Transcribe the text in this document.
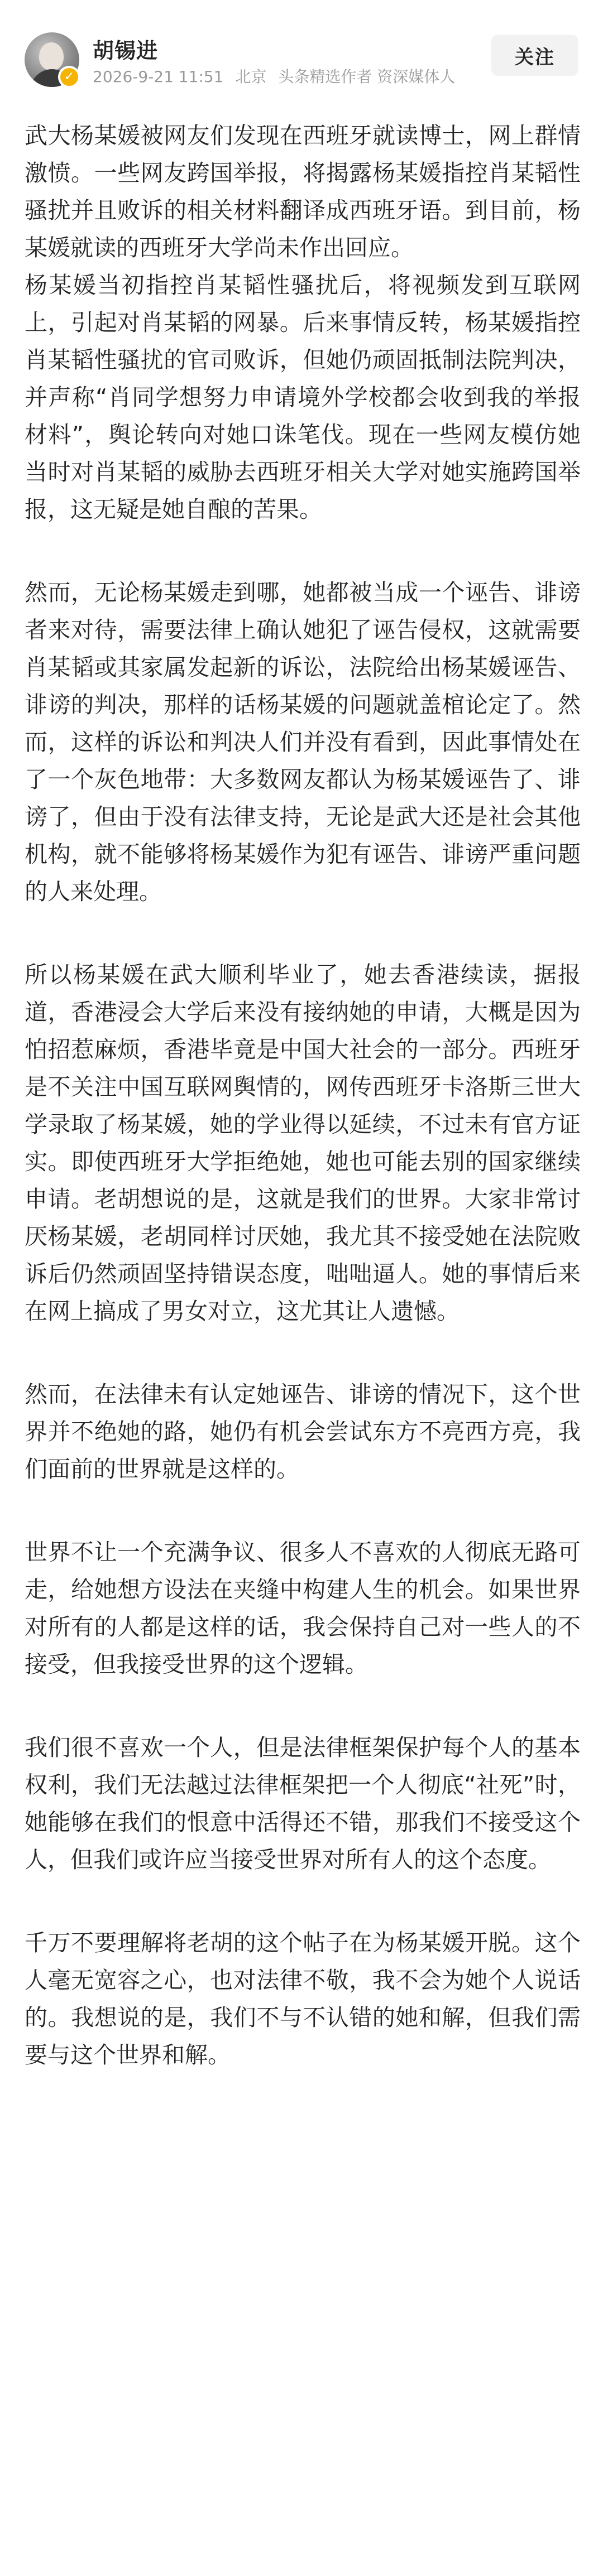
✓
胡锡进
2026-9-21 11:51 北京 头条精选作者 资深媒体人
关注

武大杨某媛被网友们发现在西班牙就读博士，网上群情激愤。一些网友跨国举报，将揭露杨某媛指控肖某韬性骚扰并且败诉的相关材料翻译成西班牙语。到目前，杨某媛就读的西班牙大学尚未作出回应。

杨某媛当初指控肖某韬性骚扰后，将视频发到互联网上，引起对肖某韬的网暴。后来事情反转，杨某媛指控肖某韬性骚扰的官司败诉，但她仍顽固抵制法院判决，并声称“肖同学想努力申请境外学校都会收到我的举报材料”，舆论转向对她口诛笔伐。现在一些网友模仿她当时对肖某韬的威胁去西班牙相关大学对她实施跨国举报，这无疑是她自酿的苦果。

然而，无论杨某媛走到哪，她都被当成一个诬告、诽谤者来对待，需要法律上确认她犯了诬告侵权，这就需要肖某韬或其家属发起新的诉讼，法院给出杨某媛诬告、诽谤的判决，那样的话杨某媛的问题就盖棺论定了。然而，这样的诉讼和判决人们并没有看到，因此事情处在了一个灰色地带：大多数网友都认为杨某媛诬告了、诽谤了，但由于没有法律支持，无论是武大还是社会其他机构，就不能够将杨某媛作为犯有诬告、诽谤严重问题的人来处理。

所以杨某媛在武大顺利毕业了，她去香港续读，据报道，香港浸会大学后来没有接纳她的申请，大概是因为怕招惹麻烦，香港毕竟是中国大社会的一部分。西班牙是不关注中国互联网舆情的，网传西班牙卡洛斯三世大学录取了杨某媛，她的学业得以延续，不过未有官方证实。即使西班牙大学拒绝她，她也可能去别的国家继续申请。老胡想说的是，这就是我们的世界。大家非常讨厌杨某媛，老胡同样讨厌她，我尤其不接受她在法院败诉后仍然顽固坚持错误态度，咄咄逼人。她的事情后来在网上搞成了男女对立，这尤其让人遗憾。

然而，在法律未有认定她诬告、诽谤的情况下，这个世界并不绝她的路，她仍有机会尝试东方不亮西方亮，我们面前的世界就是这样的。

世界不让一个充满争议、很多人不喜欢的人彻底无路可走，给她想方设法在夹缝中构建人生的机会。如果世界对所有的人都是这样的话，我会保持自己对一些人的不接受，但我接受世界的这个逻辑。

我们很不喜欢一个人，但是法律框架保护每个人的基本权利，我们无法越过法律框架把一个人彻底“社死”时，她能够在我们的恨意中活得还不错，那我们不接受这个人，但我们或许应当接受世界对所有人的这个态度。

千万不要理解将老胡的这个帖子在为杨某媛开脱。这个人毫无宽容之心，也对法律不敬，我不会为她个人说话的。我想说的是，我们不与不认错的她和解，但我们需要与这个世界和解。
